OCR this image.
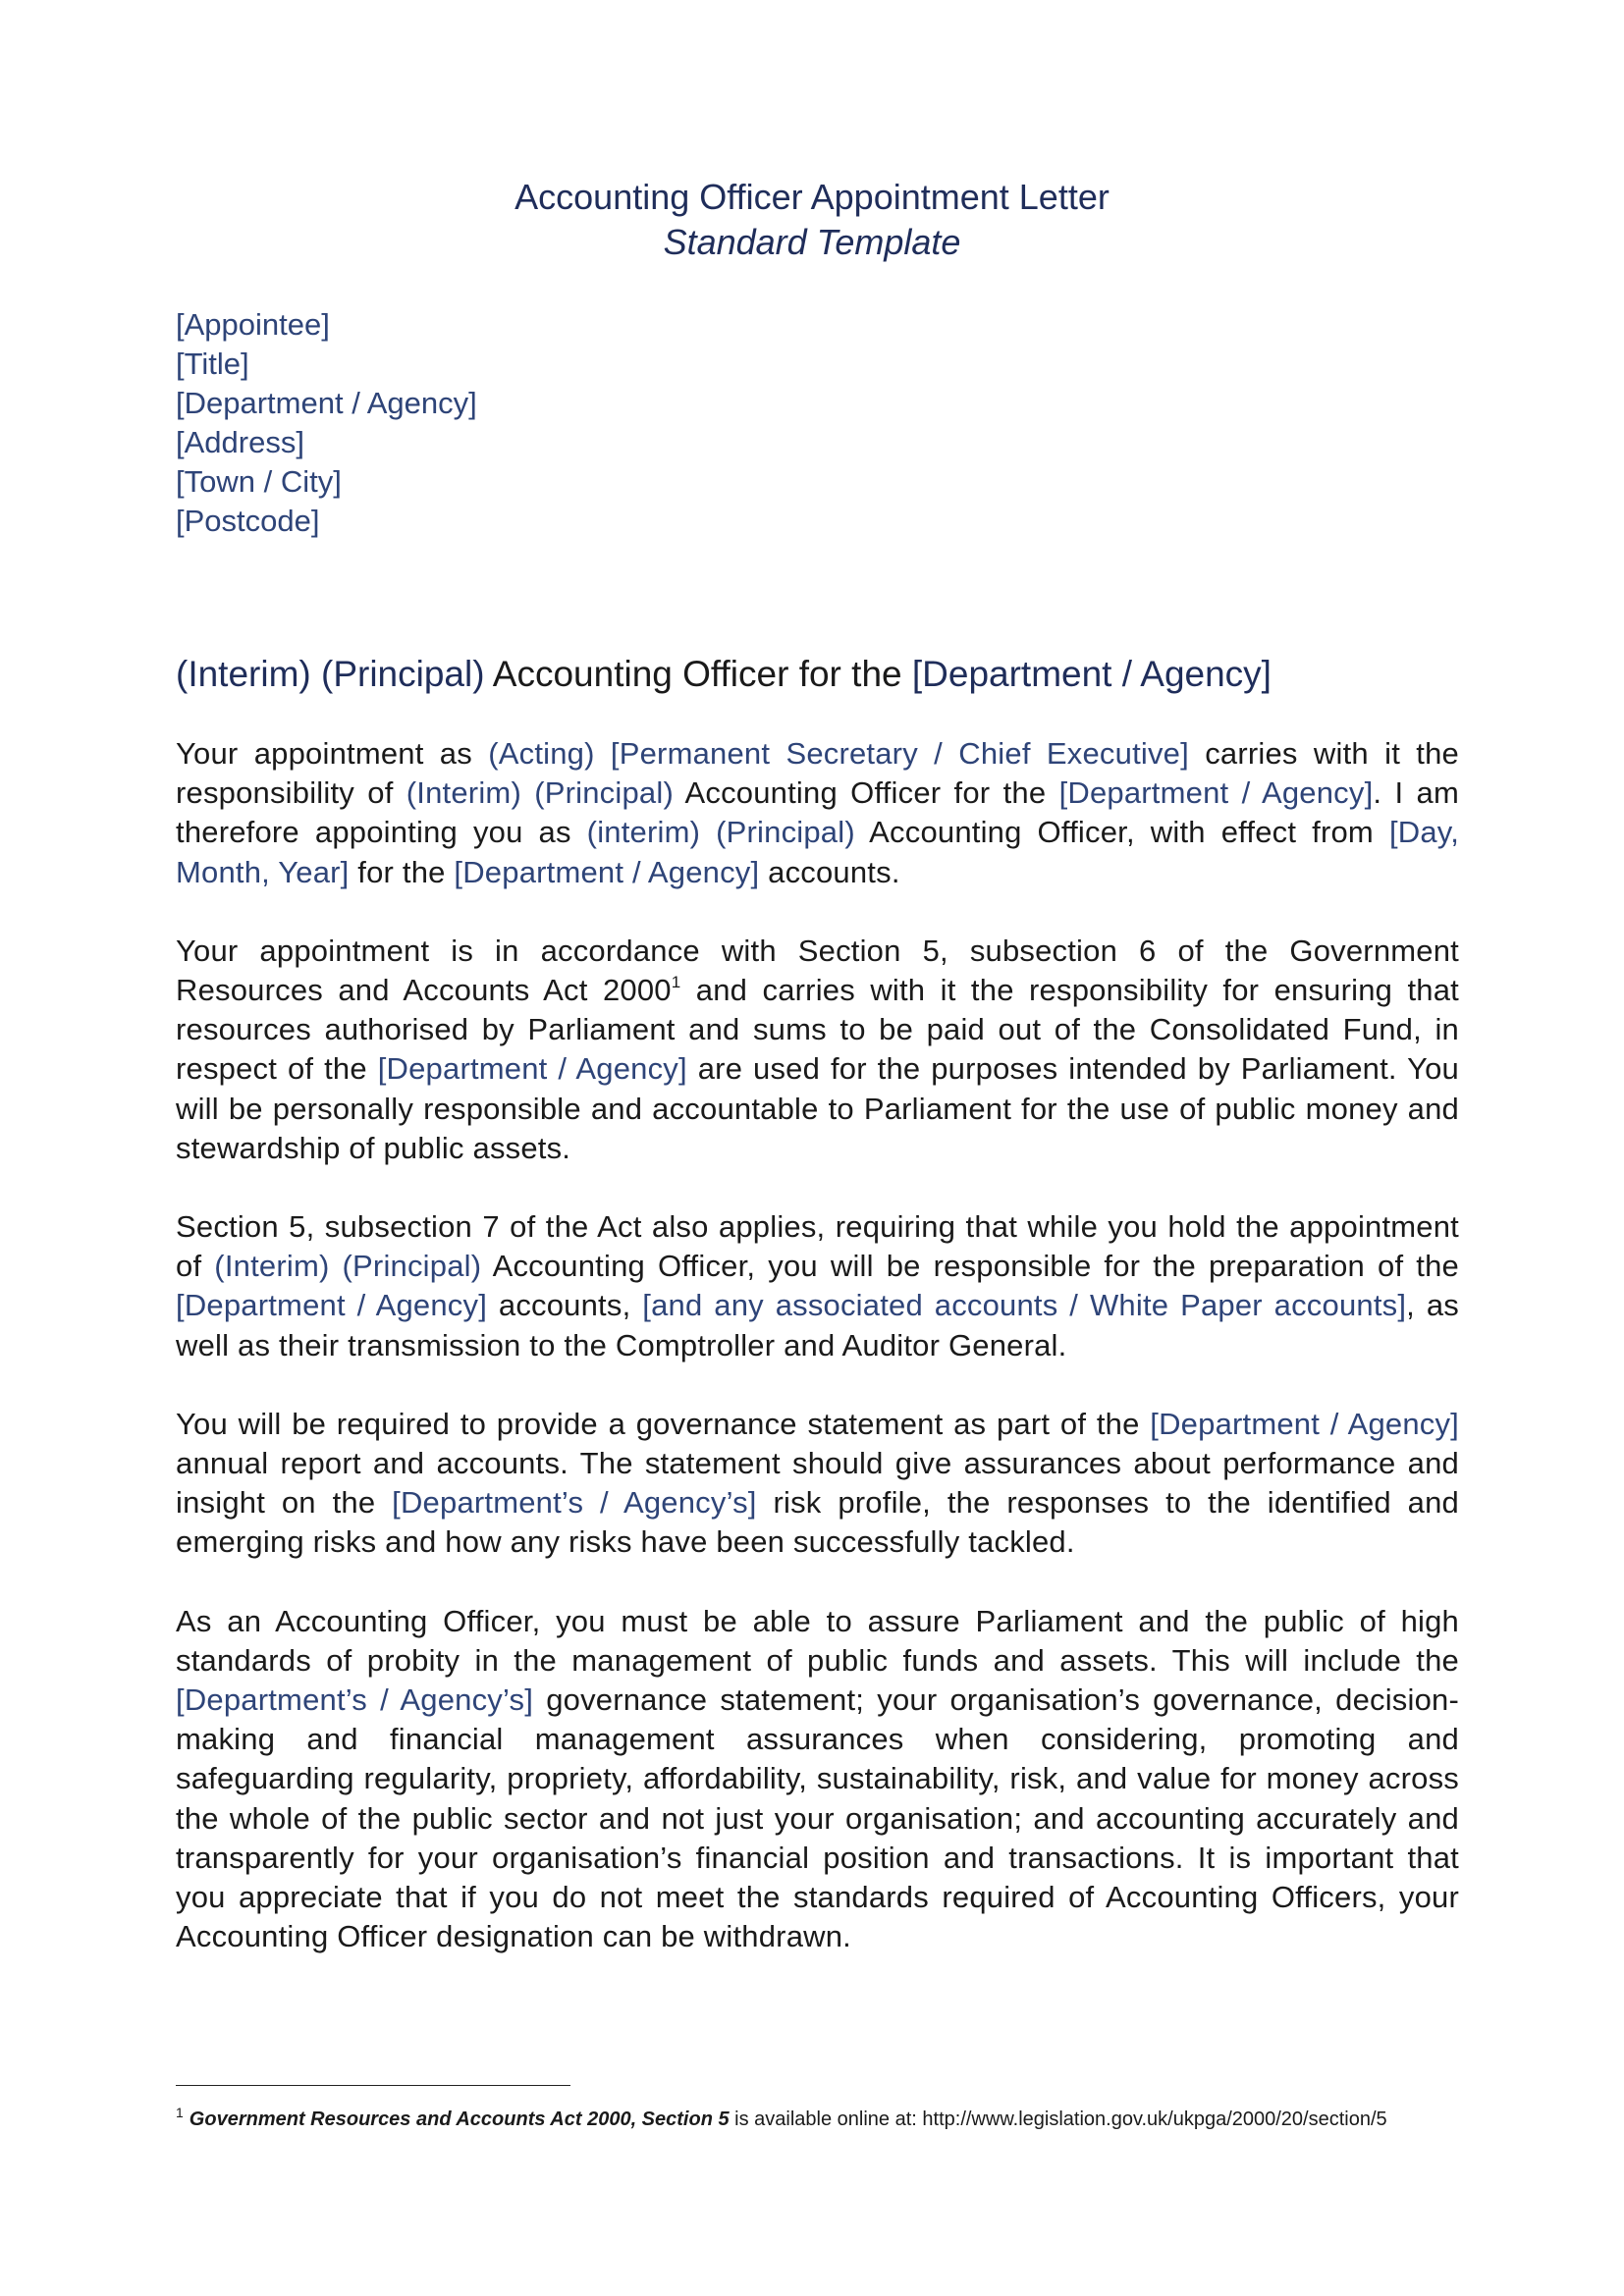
Accounting Officer Appointment Letter
Standard Template
[Appointee]
[Title]
[Department / Agency]
[Address]
[Town / City]
[Postcode]
(Interim) (Principal) Accounting Officer for the [Department / Agency]

Your appointment as (Acting) [Permanent Secretary / Chief Executive] carries with it the responsibility of (Interim) (Principal) Accounting Officer for the [Department / Agency]. I am therefore appointing you as (interim) (Principal) Accounting Officer, with effect from [Day, Month, Year] for the [Department / Agency] accounts.

Your appointment is in accordance with Section 5, subsection 6 of the Government Resources and Accounts Act 2000$^1$ and carries with it the responsibility for ensuring that resources authorised by Parliament and sums to be paid out of the Consolidated Fund, in respect of the [Department / Agency] are used for the purposes intended by Parliament. You will be personally responsible and accountable to Parliament for the use of public money and stewardship of public assets.

Section 5, subsection 7 of the Act also applies, requiring that while you hold the appointment of (Interim) (Principal) Accounting Officer, you will be responsible for the preparation of the [Department / Agency] accounts, [and any associated accounts / White Paper accounts], as well as their transmission to the Comptroller and Auditor General.

You will be required to provide a governance statement as part of the [Department / Agency] annual report and accounts. The statement should give assurances about performance and insight on the [Department’s / Agency’s] risk profile, the responses to the identified and emerging risks and how any risks have been successfully tackled.

As an Accounting Officer, you must be able to assure Parliament and the public of high standards of probity in the management of public funds and assets. This will include the [Department’s / Agency’s] governance statement; your organisation’s governance, decision-making and financial management assurances when considering, promoting and safeguarding regularity, propriety, affordability, sustainability, risk, and value for money across the whole of the public sector and not just your organisation; and accounting accurately and transparently for your organisation’s financial position and transactions. It is important that you appreciate that if you do not meet the standards required of Accounting Officers, your Accounting Officer designation can be withdrawn.

$^1$ Government Resources and Accounts Act 2000, Section 5 is available online at: http://www.legislation.gov.uk/ukpga/2000/20/section/5
